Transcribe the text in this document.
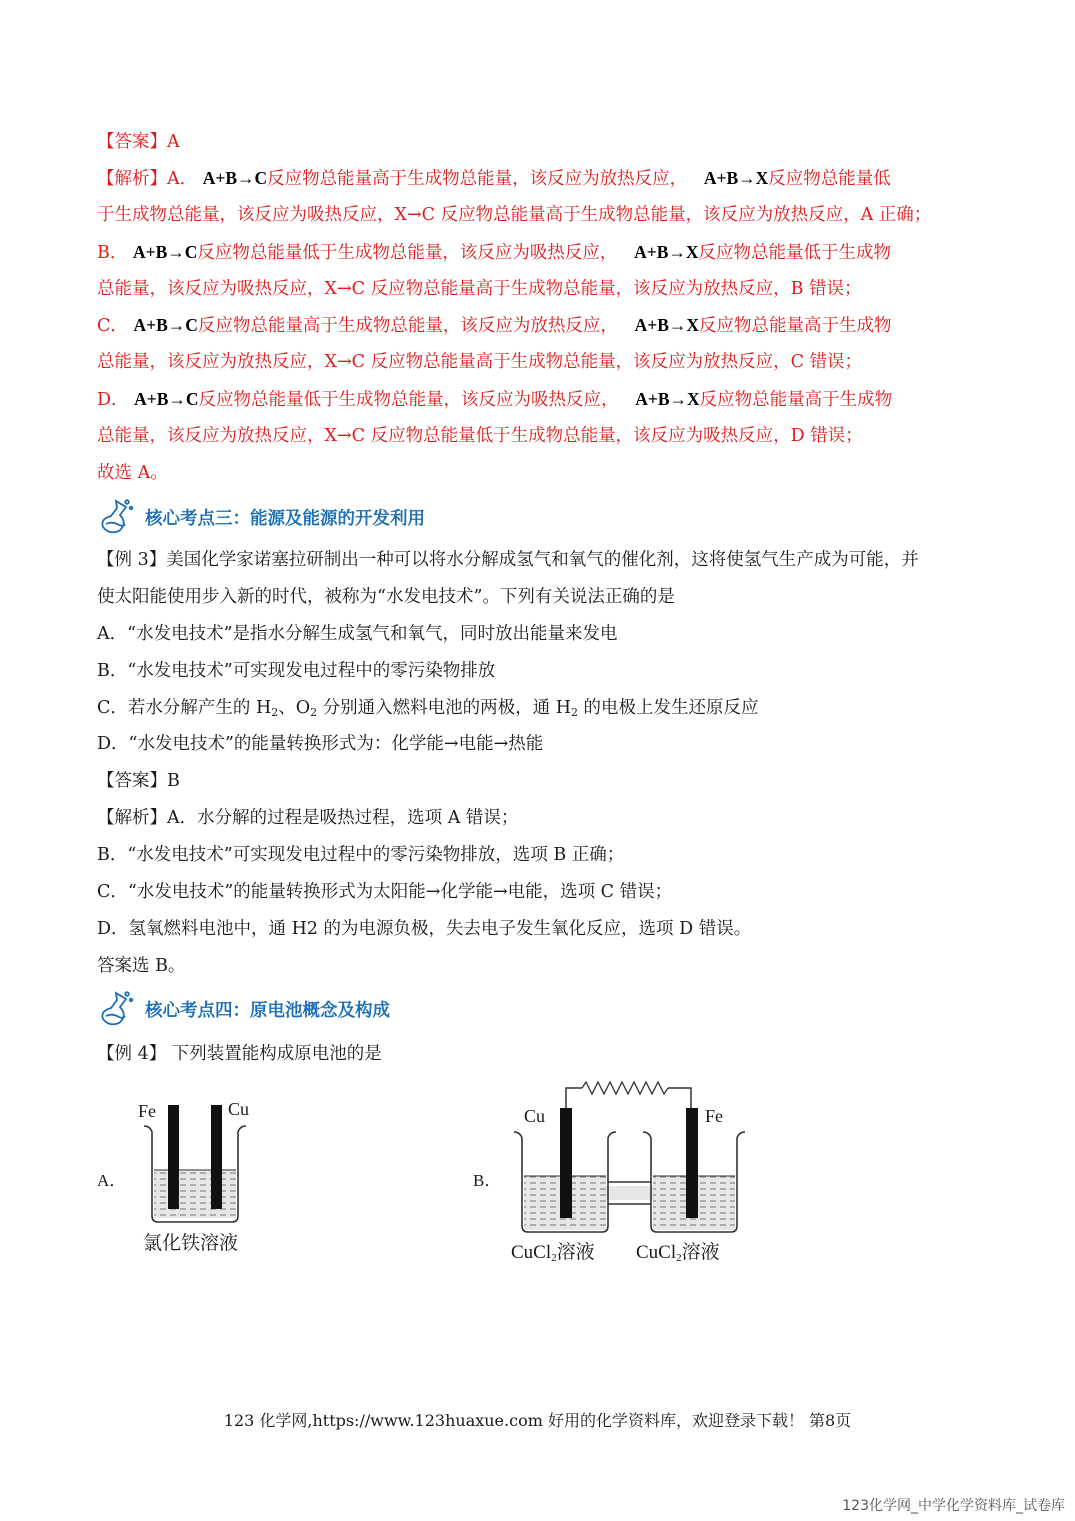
【答案】A
【解析】A． A+B→C反应物总能量高于生成物总能量，该反应为放热反应， A+B→X反应物总能量低
于生成物总能量，该反应为吸热反应，X→C 反应物总能量高于生成物总能量，该反应为放热反应，A 正确；
B． A+B→C反应物总能量低于生成物总能量，该反应为吸热反应， A+B→X反应物总能量低于生成物
总能量，该反应为吸热反应，X→C 反应物总能量高于生成物总能量，该反应为放热反应，B 错误；
C． A+B→C反应物总能量高于生成物总能量，该反应为放热反应， A+B→X反应物总能量高于生成物
总能量，该反应为放热反应，X→C 反应物总能量高于生成物总能量，该反应为放热反应，C 错误；
D． A+B→C反应物总能量低于生成物总能量，该反应为吸热反应， A+B→X反应物总能量高于生成物
总能量，该反应为放热反应，X→C 反应物总能量低于生成物总能量，该反应为吸热反应，D 错误；
故选 A。
核心考点三：能源及能源的开发利用
【例 3】美国化学家诺塞拉研制出一种可以将水分解成氢气和氧气的催化剂，这将使氢气生产成为可能，并
使太阳能使用步入新的时代，被称为“水发电技术”。下列有关说法正确的是
A．“水发电技术”是指水分解生成氢气和氧气，同时放出能量来发电
B．“水发电技术”可实现发电过程中的零污染物排放
C．若水分解产生的 $H_2$、$O_2$ 分别通入燃料电池的两极，通 $H_2$ 的电极上发生还原反应
D．“水发电技术”的能量转换形式为：化学能→电能→热能
【答案】B
【解析】A．水分解的过程是吸热过程，选项 A 错误；
B．“水发电技术”可实现发电过程中的零污染物排放，选项 B 正确；
C．“水发电技术”的能量转换形式为太阳能→化学能→电能，选项 C 错误；
D．氢氧燃料电池中，通 H2 的为电源负极，失去电子发生氧化反应，选项 D 错误。
答案选 B。
核心考点四：原电池概念及构成
【例 4】 下列装置能构成原电池的是
A．
Fe	Cu
氯化铁溶液
B．
Cu	Fe
CuCl$_2$溶液 CuCl$_2$溶液
123 化学网,https://www.123huaxue.com 好用的化学资料库，欢迎登录下载！ 第8页
123化学网_中学化学资料库_试卷库
